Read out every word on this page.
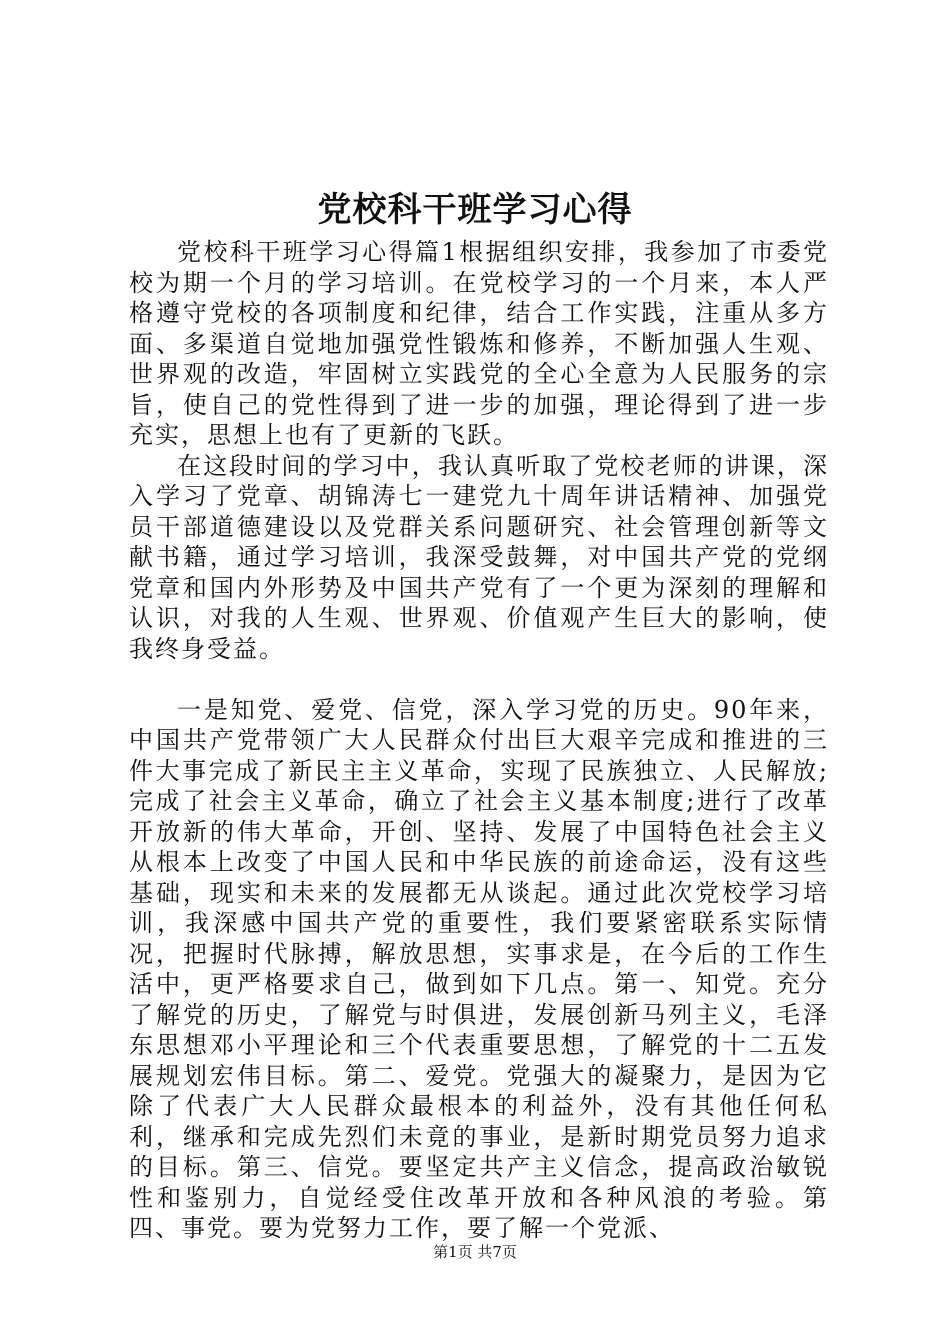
党校科干班学习心得

党校科干班学习心得篇1根据组织安排，我参加了市委党校为期一个月的学习培训。在党校学习的一个月来，本人严格遵守党校的各项制度和纪律，结合工作实践，注重从多方面、多渠道自觉地加强党性锻炼和修养，不断加强人生观、世界观的改造，牢固树立实践党的全心全意为人民服务的宗旨，使自己的党性得到了进一步的加强，理论得到了进一步充实，思想上也有了更新的飞跃。

在这段时间的学习中，我认真听取了党校老师的讲课，深入学习了党章、胡锦涛七一建党九十周年讲话精神、加强党员干部道德建设以及党群关系问题研究、社会管理创新等文献书籍，通过学习培训，我深受鼓舞，对中国共产党的党纲党章和国内外形势及中国共产党有了一个更为深刻的理解和认识，对我的人生观、世界观、价值观产生巨大的影响，使我终身受益。

一是知党、爱党、信党，深入学习党的历史。90年来，中国共产党带领广大人民群众付出巨大艰辛完成和推进的三件大事完成了新民主主义革命，实现了民族独立、人民解放;完成了社会主义革命，确立了社会主义基本制度;进行了改革开放新的伟大革命，开创、坚持、发展了中国特色社会主义从根本上改变了中国人民和中华民族的前途命运，没有这些基础，现实和未来的发展都无从谈起。通过此次党校学习培训，我深感中国共产党的重要性，我们要紧密联系实际情况，把握时代脉搏，解放思想，实事求是，在今后的工作生活中，更严格要求自己，做到如下几点。第一、知党。充分了解党的历史，了解党与时俱进，发展创新马列主义，毛泽东思想邓小平理论和三个代表重要思想，了解党的十二五发展规划宏伟目标。第二、爱党。党强大的凝聚力，是因为它除了代表广大人民群众最根本的利益外，没有其他任何私利，继承和完成先烈们未竟的事业，是新时期党员努力追求的目标。第三、信党。要坚定共产主义信念，提高政治敏锐性和鉴别力，自觉经受住改革开放和各种风浪的考验。第四、事党。要为党努力工作，要了解一个党派、

第1页 共7页
